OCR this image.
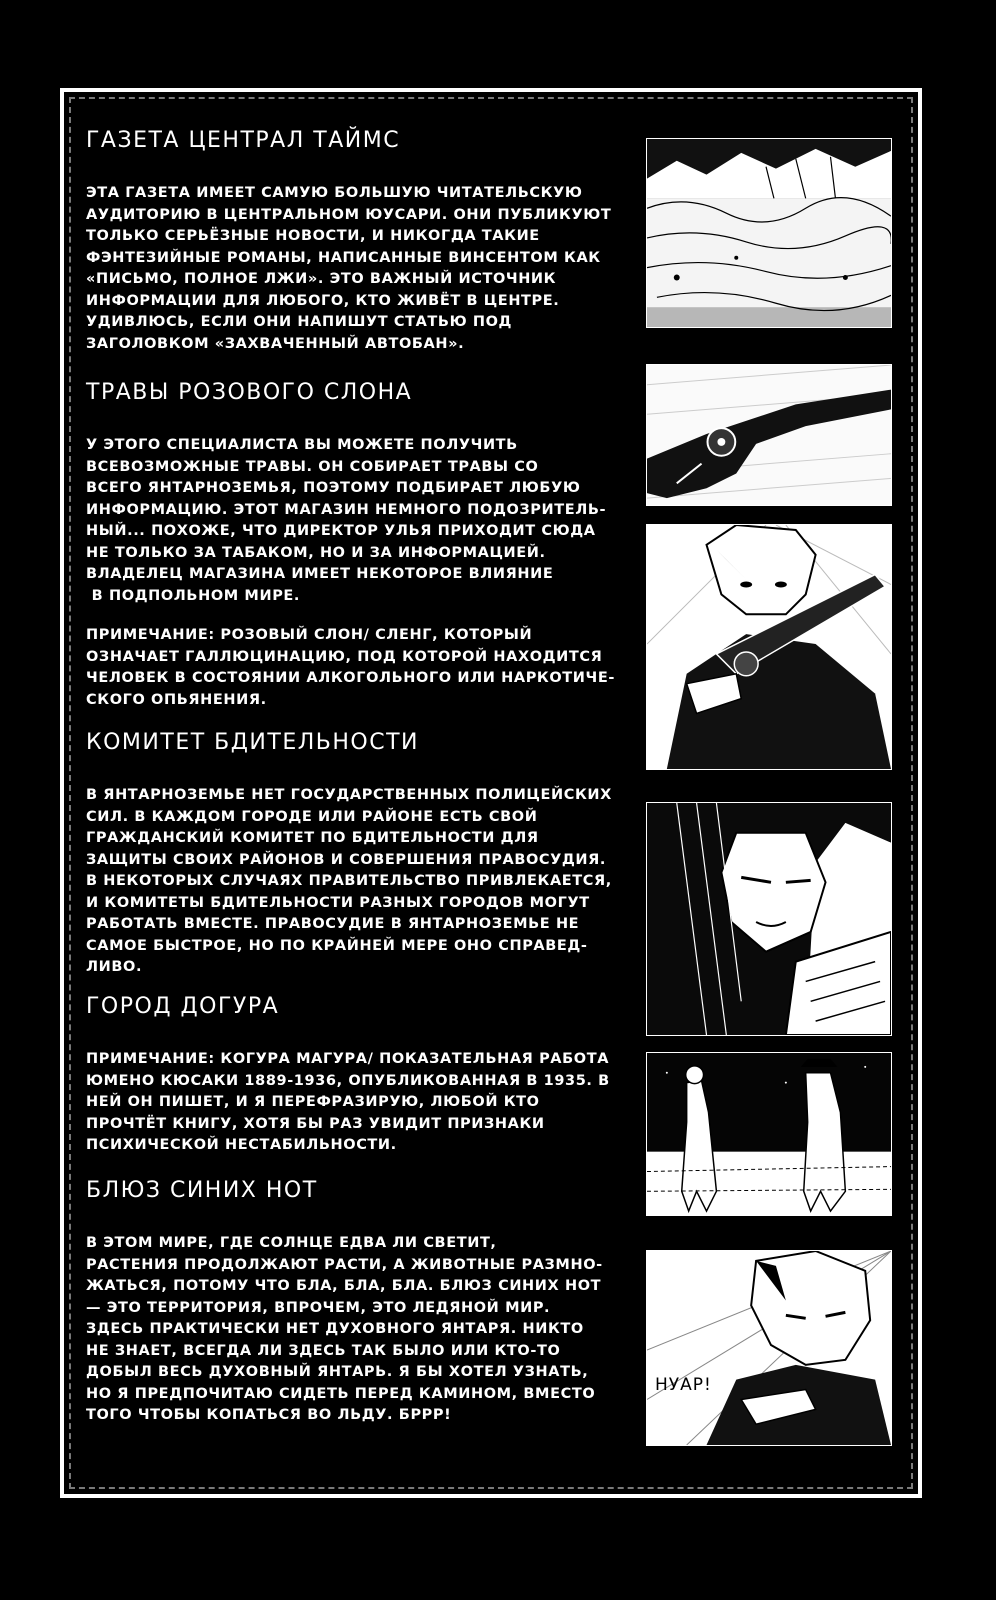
ГАЗЕТА ЦЕНТРАЛ ТАЙМС

ЭТА ГАЗЕТА ИМЕЕТ САМУЮ БОЛЬШУЮ ЧИТАТЕЛЬСКУЮ
АУДИТОРИЮ В ЦЕНТРАЛЬНОМ ЮУСАРИ. ОНИ ПУБЛИКУЮТ
ТОЛЬКО СЕРЬЁЗНЫЕ НОВОСТИ, И НИКОГДА ТАКИЕ
ФЭНТЕЗИЙНЫЕ РОМАНЫ, НАПИСАННЫЕ ВИНСЕНТОМ КАК
«ПИСЬМО, ПОЛНОЕ ЛЖИ». ЭТО ВАЖНЫЙ ИСТОЧНИК
ИНФОРМАЦИИ ДЛЯ ЛЮБОГО, КТО ЖИВЁТ В ЦЕНТРЕ.
УДИВЛЮСЬ, ЕСЛИ ОНИ НАПИШУТ СТАТЬЮ ПОД
ЗАГОЛОВКОМ «ЗАХВАЧЕННЫЙ АВТОБАН».

ТРАВЫ РОЗОВОГО СЛОНА

У ЭТОГО СПЕЦИАЛИСТА ВЫ МОЖЕТЕ ПОЛУЧИТЬ
ВСЕВОЗМОЖНЫЕ ТРАВЫ. ОН СОБИРАЕТ ТРАВЫ СО
ВСЕГО ЯНТАРНОЗЕМЬЯ, ПОЭТОМУ ПОДБИРАЕТ ЛЮБУЮ
ИНФОРМАЦИЮ. ЭТОТ МАГАЗИН НЕМНОГО ПОДОЗРИТЕЛЬ-
НЫЙ... ПОХОЖЕ, ЧТО ДИРЕКТОР УЛЬЯ ПРИХОДИТ СЮДА
НЕ ТОЛЬКО ЗА ТАБАКОМ, НО И ЗА ИНФОРМАЦИЕЙ.
ВЛАДЕЛЕЦ МАГАЗИНА ИМЕЕТ НЕКОТОРОЕ ВЛИЯНИЕ
В ПОДПОЛЬНОМ МИРЕ.

ПРИМЕЧАНИЕ: РОЗОВЫЙ СЛОН/ СЛЕНГ, КОТОРЫЙ
ОЗНАЧАЕТ ГАЛЛЮЦИНАЦИЮ, ПОД КОТОРОЙ НАХОДИТСЯ
ЧЕЛОВЕК В СОСТОЯНИИ АЛКОГОЛЬНОГО ИЛИ НАРКОТИЧЕ-
СКОГО ОПЬЯНЕНИЯ.

КОМИТЕТ БДИТЕЛЬНОСТИ

В ЯНТАРНОЗЕМЬЕ НЕТ ГОСУДАРСТВЕННЫХ ПОЛИЦЕЙСКИХ
СИЛ. В КАЖДОМ ГОРОДЕ ИЛИ РАЙОНЕ ЕСТЬ СВОЙ
ГРАЖДАНСКИЙ КОМИТЕТ ПО БДИТЕЛЬНОСТИ ДЛЯ
ЗАЩИТЫ СВОИХ РАЙОНОВ И СОВЕРШЕНИЯ ПРАВОСУДИЯ.
В НЕКОТОРЫХ СЛУЧАЯХ ПРАВИТЕЛЬСТВО ПРИВЛЕКАЕТСЯ,
И КОМИТЕТЫ БДИТЕЛЬНОСТИ РАЗНЫХ ГОРОДОВ МОГУТ
РАБОТАТЬ ВМЕСТЕ. ПРАВОСУДИЕ В ЯНТАРНОЗЕМЬЕ НЕ
САМОЕ БЫСТРОЕ, НО ПО КРАЙНЕЙ МЕРЕ ОНО СПРАВЕД-
ЛИВО.

ГОРОД ДОГУРА

ПРИМЕЧАНИЕ: КОГУРА МАГУРА/ ПОКАЗАТЕЛЬНАЯ РАБОТА
ЮМЕНО КЮСАКИ 1889-1936, ОПУБЛИКОВАННАЯ В 1935. В
НЕЙ ОН ПИШЕТ, И Я ПЕРЕФРАЗИРУЮ, ЛЮБОЙ КТО
ПРОЧТЁТ КНИГУ, ХОТЯ БЫ РАЗ УВИДИТ ПРИЗНАКИ
ПСИХИЧЕСКОЙ НЕСТАБИЛЬНОСТИ.

БЛЮЗ СИНИХ НОТ

В ЭТОМ МИРЕ, ГДЕ СОЛНЦЕ ЕДВА ЛИ СВЕТИТ,
РАСТЕНИЯ ПРОДОЛЖАЮТ РАСТИ, А ЖИВОТНЫЕ РАЗМНО-
ЖАТЬСЯ, ПОТОМУ ЧТО БЛА, БЛА, БЛА. БЛЮЗ СИНИХ НОТ
— ЭТО ТЕРРИТОРИЯ, ВПРОЧЕМ, ЭТО ЛЕДЯНОЙ МИР.
ЗДЕСЬ ПРАКТИЧЕСКИ НЕТ ДУХОВНОГО ЯНТАРЯ. НИКТО
НЕ ЗНАЕТ, ВСЕГДА ЛИ ЗДЕСЬ ТАК БЫЛО ИЛИ КТО-ТО
ДОБЫЛ ВЕСЬ ДУХОВНЫЙ ЯНТАРЬ. Я БЫ ХОТЕЛ УЗНАТЬ,
НО Я ПРЕДПОЧИТАЮ СИДЕТЬ ПЕРЕД КАМИНОМ, ВМЕСТО
ТОГО ЧТОБЫ КОПАТЬСЯ ВО ЛЬДУ. БРРР!

НУАР!
